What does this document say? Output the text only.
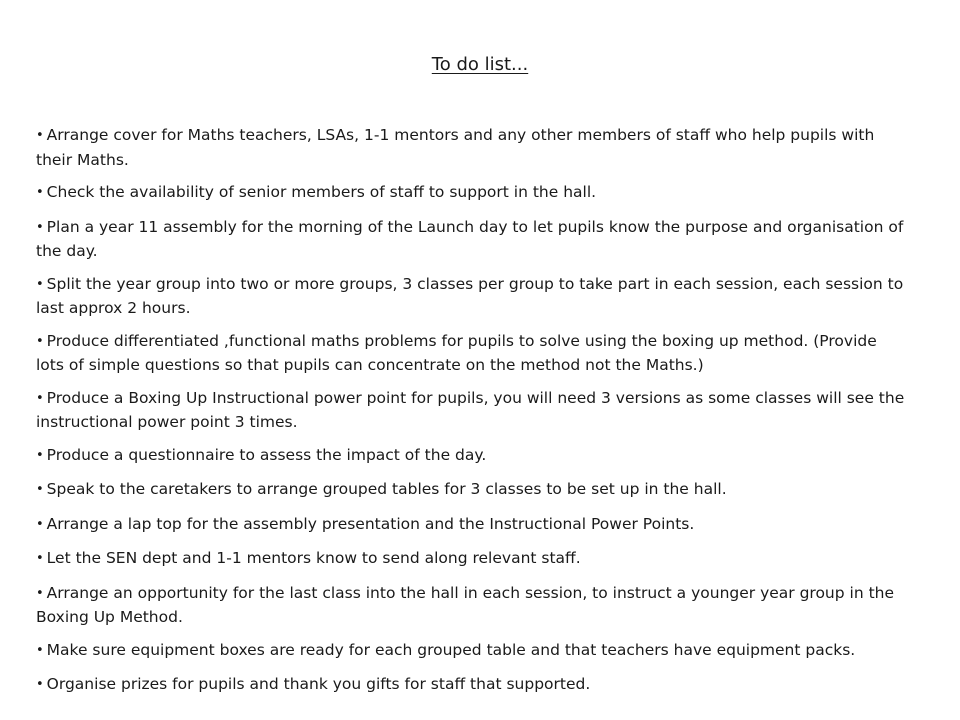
To do list...
• Arrange cover for Maths teachers, LSAs, 1-1 mentors and any other members of staff who help pupils with their Maths.
• Check the availability of senior members of staff to support in the hall.
• Plan a year 11 assembly for the morning of the Launch day to let pupils know the purpose and organisation of the day.
• Split the year group into two or more groups, 3 classes per group to take part in each session, each session to last approx 2 hours.
• Produce differentiated ,functional maths problems for pupils to solve using the boxing up method. (Provide lots of simple questions so that pupils can concentrate on the method not the Maths.)
• Produce a Boxing Up Instructional power point for pupils, you will need 3 versions as some classes will see the instructional power point 3 times.
• Produce a questionnaire to assess the impact of the day.
• Speak to the caretakers to arrange grouped tables for 3 classes to be set up in the hall.
• Arrange a lap top for the assembly presentation and the Instructional Power Points.
• Let the SEN dept and 1-1 mentors know to send along relevant staff.
• Arrange an opportunity for the last class into the hall in each session, to instruct a younger year group in the Boxing Up Method.
• Make sure equipment boxes are ready for each grouped table and that teachers have equipment packs.
• Organise prizes for pupils and thank you gifts for staff that supported.
